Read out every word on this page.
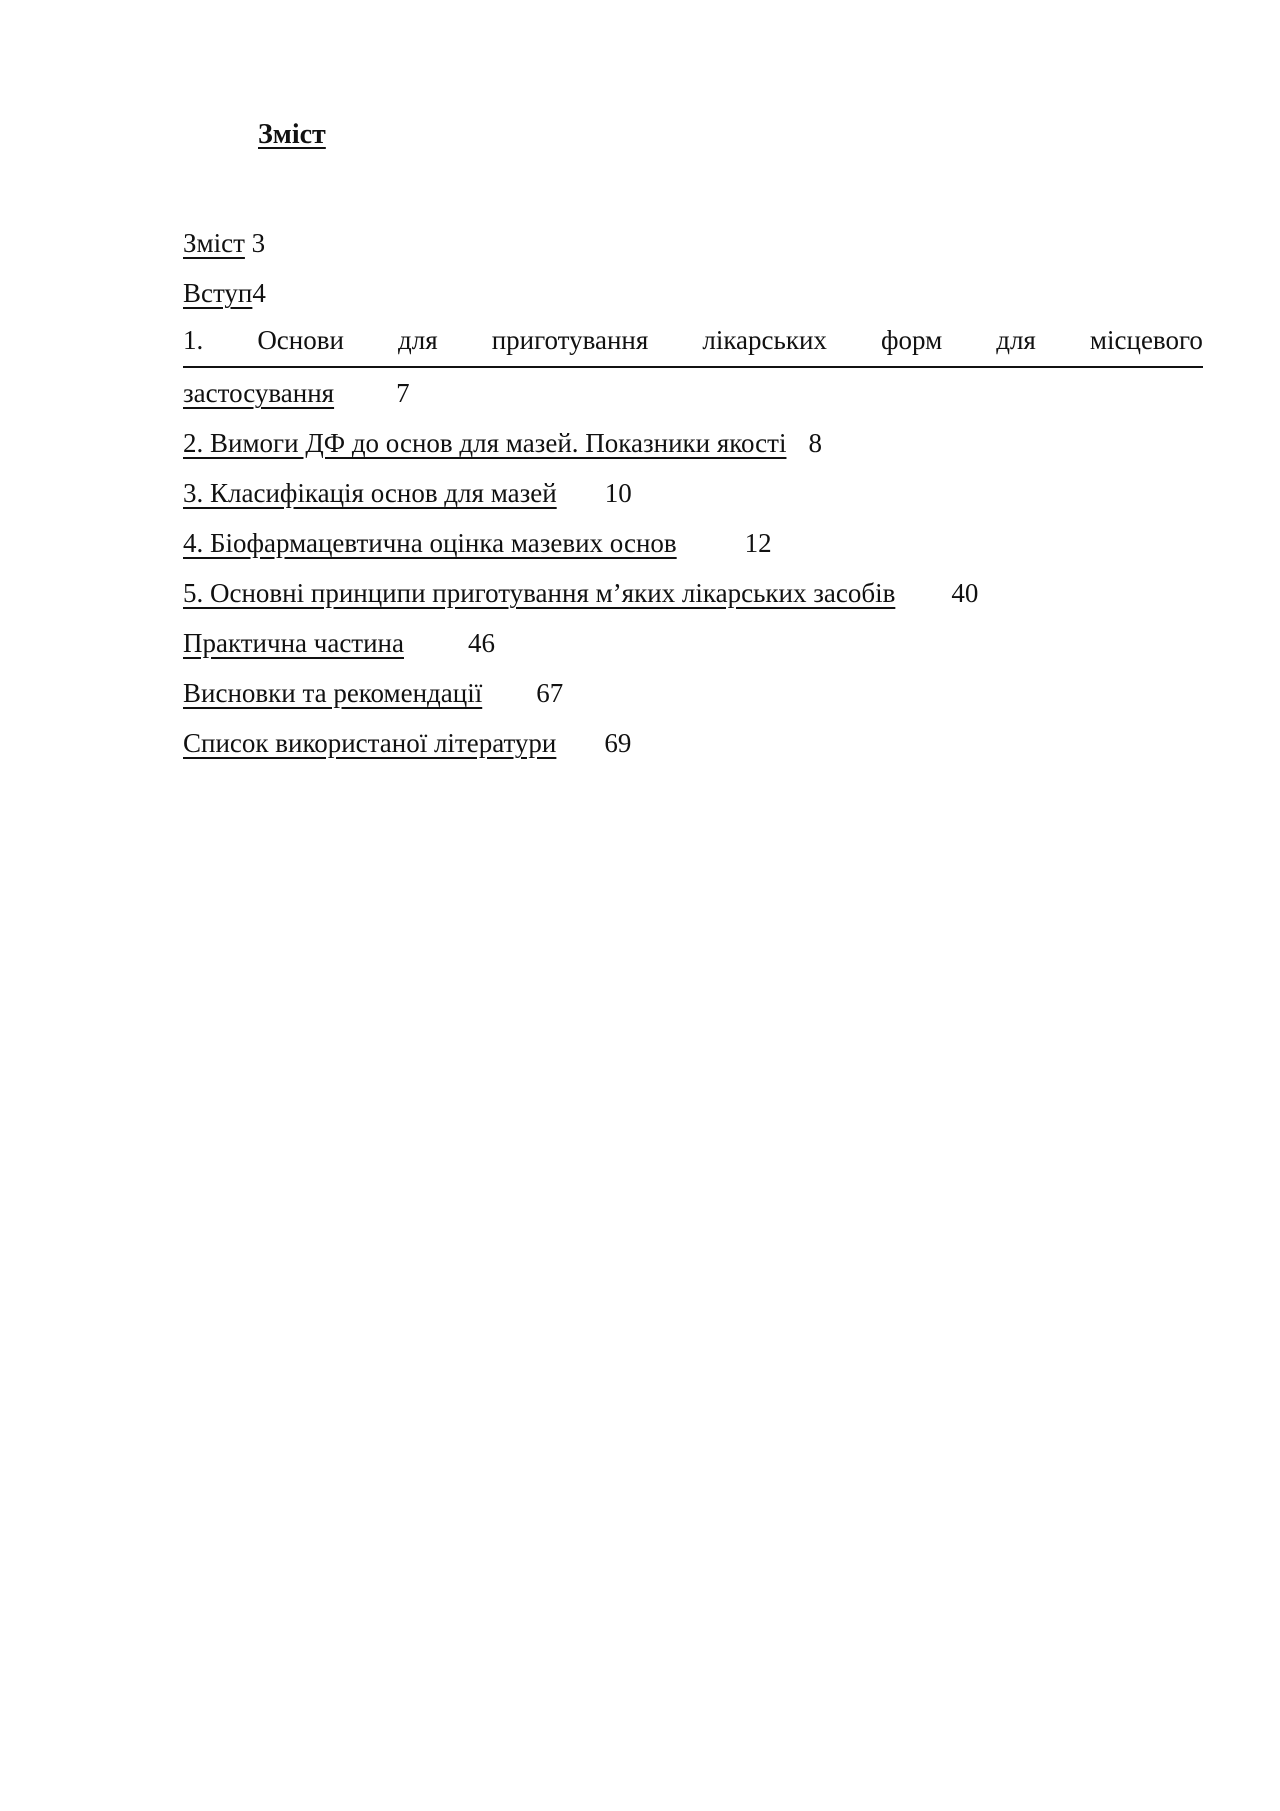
Зміст
Зміст 3
Вступ4
1. Основи для приготування лікарських форм для місцевого
застосування 7
2. Вимоги ДФ до основ для мазей. Показники якості 8
3. Класифікація основ для мазей 10
4. Біофармацевтична оцінка мазевих основ	12
5. Основні принципи приготування м’яких лікарських засобів 40
Практична частина 46
Висновки та рекомендації 67
Список використаної літератури 69
